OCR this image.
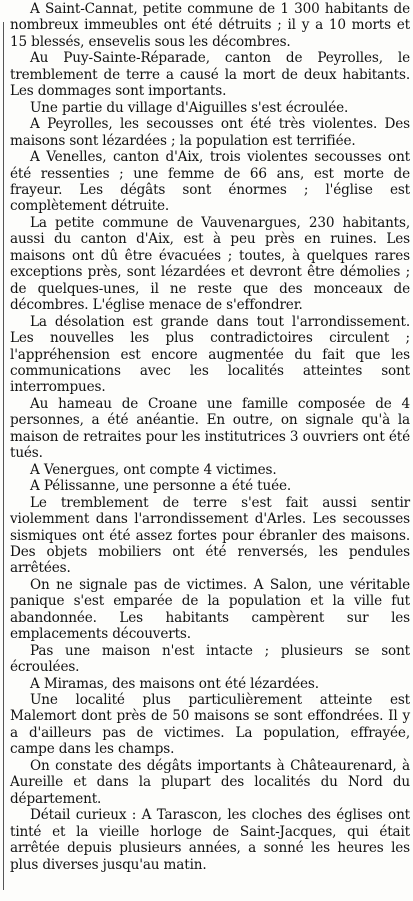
A Saint-Cannat, petite commune de 1 300 habitants de nombreux immeubles ont été détruits ; il y a 10 morts et 15 blessés, ensevelis sous les décombres.

Au Puy-Sainte-Réparade, canton de Peyrolles, le tremblement de terre a causé la mort de deux habitants. Les dommages sont importants.

Une partie du village d'Aiguilles s'est écroulée.

A Peyrolles, les secousses ont été très violentes. Des maisons sont lézardées ; la population est terrifiée.

A Venelles, canton d'Aix, trois violentes secousses ont été ressenties ; une femme de 66 ans, est morte de frayeur. Les dégâts sont énormes ; l'église est complètement détruite.

La petite commune de Vauvenargues, 230 habitants, aussi du canton d'Aix, est à peu près en ruines. Les maisons ont dû être évacuées ; toutes, à quelques rares exceptions près, sont lézardées et devront être démolies ; de quelques-unes, il ne reste que des monceaux de décombres. L'église menace de s'effondrer.

La désolation est grande dans tout l'arrondissement. Les nouvelles les plus contradictoires circulent ; l'appréhension est encore augmentée du fait que les communications avec les localités atteintes sont interrompues.

Au hameau de Croane une famille composée de 4 personnes, a été anéantie. En outre, on signale qu'à la maison de retraites pour les institutrices 3 ouvriers ont été tués.

A Venergues, ont compte 4 victimes.

A Pélissanne, une personne a été tuée.

Le tremblement de terre s'est fait aussi sentir violemment dans l'arrondissement d'Arles. Les secousses sismiques ont été assez fortes pour ébranler des maisons. Des objets mobiliers ont été renversés, les pendules arrêtées.

On ne signale pas de victimes. A Salon, une véritable panique s'est emparée de la population et la ville fut abandonnée. Les habitants campèrent sur les emplacements découverts.

Pas une maison n'est intacte ; plusieurs se sont écroulées.

A Miramas, des maisons ont été lézardées.

Une localité plus particulièrement atteinte est Malemort dont près de 50 maisons se sont effondrées. Il y a d'ailleurs pas de victimes. La population, effrayée, campe dans les champs.

On constate des dégâts importants à Châteaurenard, à Aureille et dans la plupart des localités du Nord du département.

Détail curieux : A Tarascon, les cloches des églises ont tinté et la vieille horloge de Saint-Jacques, qui était arrêtée depuis plusieurs années, a sonné les heures les plus diverses jusqu'au matin.
